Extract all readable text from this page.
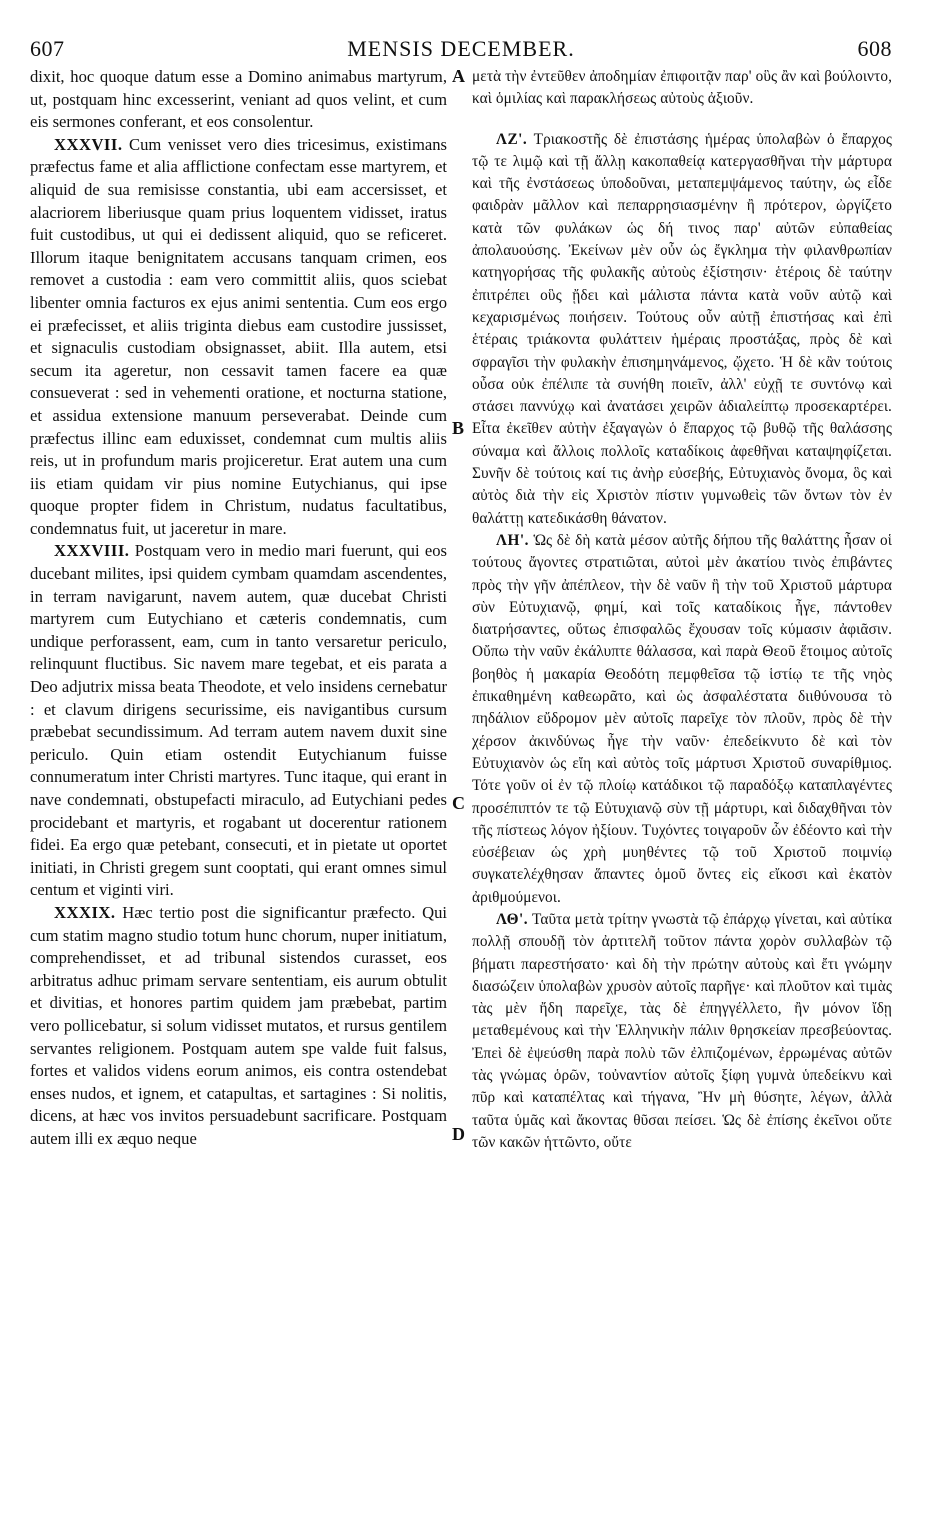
607	MENSIS DECEMBER.	608
A
B
C
D

dixit, hoc quoque datum esse a Domino animabus martyrum, ut, postquam hinc excesserint, veniant ad quos velint, et cum eis sermones conferant, et eos consolentur.

XXXVII. Cum venisset vero dies tricesimus, existimans præfectus fame et alia afflictione confectam esse martyrem, et aliquid de sua remisisse constantia, ubi eam accersisset, et alacriorem liberiusque quam prius loquentem vidisset, iratus fuit custodibus, ut qui ei dedissent aliquid, quo se reficeret. Illorum itaque benignitatem accusans tanquam crimen, eos removet a custodia : eam vero committit aliis, quos sciebat libenter omnia facturos ex ejus animi sententia. Cum eos ergo ei præfecisset, et aliis triginta diebus eam custodire jussisset, et signaculis custodiam obsignasset, abiit. Illa autem, etsi secum ita ageretur, non cessavit tamen facere ea quæ consueverat : sed in vehementi oratione, et nocturna statione, et assidua extensione manuum perseverabat. Deinde cum præfectus illinc eam eduxisset, condemnat cum multis aliis reis, ut in profundum maris projiceretur. Erat autem una cum iis etiam quidam vir pius nomine Eutychianus, qui ipse quoque propter fidem in Christum, nudatus facultatibus, condemnatus fuit, ut jaceretur in mare.

XXXVIII. Postquam vero in medio mari fuerunt, qui eos ducebant milites, ipsi quidem cymbam quamdam ascendentes, in terram navigarunt, navem autem, quæ ducebat Christi martyrem cum Eutychiano et cæteris condemnatis, cum undique perforassent, eam, cum in tanto versaretur periculo, relinquunt fluctibus. Sic navem mare tegebat, et eis parata a Deo adjutrix missa beata Theodote, et velo insidens cernebatur : et clavum dirigens securissime, eis navigantibus cursum præbebat secundissimum. Ad terram autem navem duxit sine periculo. Quin etiam ostendit Eutychianum fuisse connumeratum inter Christi martyres. Tunc itaque, qui erant in nave condemnati, obstupefacti miraculo, ad Eutychiani pedes procidebant et martyris, et rogabant ut docerentur rationem fidei. Ea ergo quæ petebant, consecuti, et in pietate ut oportet initiati, in Christi gregem sunt cooptati, qui erant omnes simul centum et viginti viri.

XXXIX. Hæc tertio post die significantur præfecto. Qui cum statim magno studio totum hunc chorum, nuper initiatum, comprehendisset, et ad tribunal sistendos curasset, eos arbitratus adhuc primam servare sententiam, eis aurum obtulit et divitias, et honores partim quidem jam præbebat, partim vero pollicebatur, si solum vidisset mutatos, et rursus gentilem servantes religionem. Postquam autem spe valde fuit falsus, fortes et validos videns eorum animos, eis contra ostendebat enses nudos, et ignem, et catapultas, et sartagines : Si nolitis, dicens, at hæc vos invitos persuadebunt sacrificare. Postquam autem illi ex æquo neque

μετὰ τὴν ἐντεῦθεν ἀποδημίαν ἐπιφοιτᾷν παρ' οὓς ἂν καὶ βούλοιντο, καὶ ὁμιλίας καὶ παρακλήσεως αὐτοὺς ἀξιοῦν.

ΛΖ'. Τριακοστῆς δὲ ἐπιστάσης ἡμέρας ὑπολαβὼν ὁ ἔπαρχος τῷ τε λιμῷ καὶ τῇ ἄλλῃ κακοπαθείᾳ κατεργασθῆναι τὴν μάρτυρα καὶ τῆς ἐνστάσεως ὑποδοῦναι, μεταπεμψάμενος ταύτην, ὡς εἶδε φαιδρὰν μᾶλλον καὶ πεπαρρησιασμένην ἢ πρότερον, ὠργίζετο κατὰ τῶν φυλάκων ὡς δή τινος παρ' αὐτῶν εὐπαθείας ἀπολαυούσης. Ἐκείνων μὲν οὖν ὡς ἔγκλημα τὴν φιλανθρωπίαν κατηγορήσας τῆς φυλακῆς αὐτοὺς ἐξίστησιν· ἑτέροις δὲ ταύτην ἐπιτρέπει οὓς ᾔδει καὶ μάλιστα πάντα κατὰ νοῦν αὐτῷ καὶ κεχαρισμένως ποιήσειν. Τούτους οὖν αὐτῇ ἐπιστήσας καὶ ἐπὶ ἑτέραις τριάκοντα φυλάττειν ἡμέραις προστάξας, πρὸς δὲ καὶ σφραγῖσι τὴν φυλακὴν ἐπισημηνάμενος, ᾤχετο. Ἡ δὲ κἂν τούτοις οὖσα οὐκ ἐπέλιπε τὰ συνήθη ποιεῖν, ἀλλ' εὐχῇ τε συντόνῳ καὶ στάσει παννύχῳ καὶ ἀνατάσει χειρῶν ἀδιαλείπτῳ προσεκαρτέρει. Εἶτα ἐκεῖθεν αὐτὴν ἐξαγαγὼν ὁ ἔπαρχος τῷ βυθῷ τῆς θαλάσσης σύναμα καὶ ἄλλοις πολλοῖς καταδίκοις ἀφεθῆναι καταψηφίζεται. Συνῆν δὲ τούτοις καί τις ἀνὴρ εὐσεβής, Εὐτυχιανὸς ὄνομα, ὃς καὶ αὐτὸς διὰ τὴν εἰς Χριστὸν πίστιν γυμνωθεὶς τῶν ὄντων τὸν ἐν θαλάττῃ κατεδικάσθη θάνατον.

ΛΗ'. Ὡς δὲ δὴ κατὰ μέσον αὐτῆς δήπου τῆς θαλάττης ἦσαν οἱ τούτους ἄγοντες στρατιῶται, αὐτοὶ μὲν ἀκατίου τινὸς ἐπιβάντες πρὸς τὴν γῆν ἀπέπλεον, τὴν δὲ ναῦν ἣ τὴν τοῦ Χριστοῦ μάρτυρα σὺν Εὐτυχιανῷ, φημί, καὶ τοῖς καταδίκοις ἦγε, πάντοθεν διατρήσαντες, οὕτως ἐπισφαλῶς ἔχουσαν τοῖς κύμασιν ἀφιᾶσιν. Οὔπω τὴν ναῦν ἐκάλυπτε θάλασσα, καὶ παρὰ Θεοῦ ἕτοιμος αὐτοῖς βοηθὸς ἡ μακαρία Θεοδότη πεμφθεῖσα τῷ ἱστίῳ τε τῆς νηὸς ἐπικαθημένη καθεωρᾶτο, καὶ ὡς ἀσφαλέστατα διιθύνουσα τὸ πηδάλιον εὔδρομον μὲν αὐτοῖς παρεῖχε τὸν πλοῦν, πρὸς δὲ τὴν χέρσον ἀκινδύνως ἦγε τὴν ναῦν· ἐπεδείκνυτο δὲ καὶ τὸν Εὐτυχιανὸν ὡς εἴη καὶ αὐτὸς τοῖς μάρτυσι Χριστοῦ συναρίθμιος. Τότε γοῦν οἱ ἐν τῷ πλοίῳ κατάδικοι τῷ παραδόξῳ καταπλαγέντες προσέπιπτόν τε τῷ Εὐτυχιανῷ σὺν τῇ μάρτυρι, καὶ διδαχθῆναι τὸν τῆς πίστεως λόγον ἠξίουν. Τυχόντες τοιγαροῦν ὧν ἐδέοντο καὶ τὴν εὐσέβειαν ὡς χρὴ μυηθέντες τῷ τοῦ Χριστοῦ ποιμνίῳ συγκατελέχθησαν ἅπαντες ὁμοῦ ὄντες εἰς εἴκοσι καὶ ἑκατὸν ἀριθμούμενοι.

ΛΘ'. Ταῦτα μετὰ τρίτην γνωστὰ τῷ ἐπάρχῳ γίνεται, καὶ αὐτίκα πολλῇ σπουδῇ τὸν ἀρτιτελῆ τοῦτον πάντα χορὸν συλλαβὼν τῷ βήματι παρεστήσατο· καὶ δὴ τὴν πρώτην αὐτοὺς καὶ ἔτι γνώμην διασώζειν ὑπολαβὼν χρυσὸν αὐτοῖς παρῆγε· καὶ πλοῦτον καὶ τιμὰς τὰς μὲν ἤδη παρεῖχε, τὰς δὲ ἐπηγγέλλετο, ἢν μόνον ἴδῃ μεταθεμένους καὶ τὴν Ἑλληνικὴν πάλιν θρησκείαν πρεσβεύοντας. Ἐπεὶ δὲ ἐψεύσθη παρὰ πολὺ τῶν ἐλπιζομένων, ἐρρωμένας αὐτῶν τὰς γνώμας ὁρῶν, τοὐναντίον αὐτοῖς ξίφη γυμνὰ ὑπεδείκνυ καὶ πῦρ καὶ καταπέλτας καὶ τήγανα, Ἢν μὴ θύσητε, λέγων, ἀλλὰ ταῦτα ὑμᾶς καὶ ἄκοντας θῦσαι πείσει. Ὡς δὲ ἐπίσης ἐκεῖνοι οὔτε τῶν κακῶν ἡττῶντο, οὔτε
